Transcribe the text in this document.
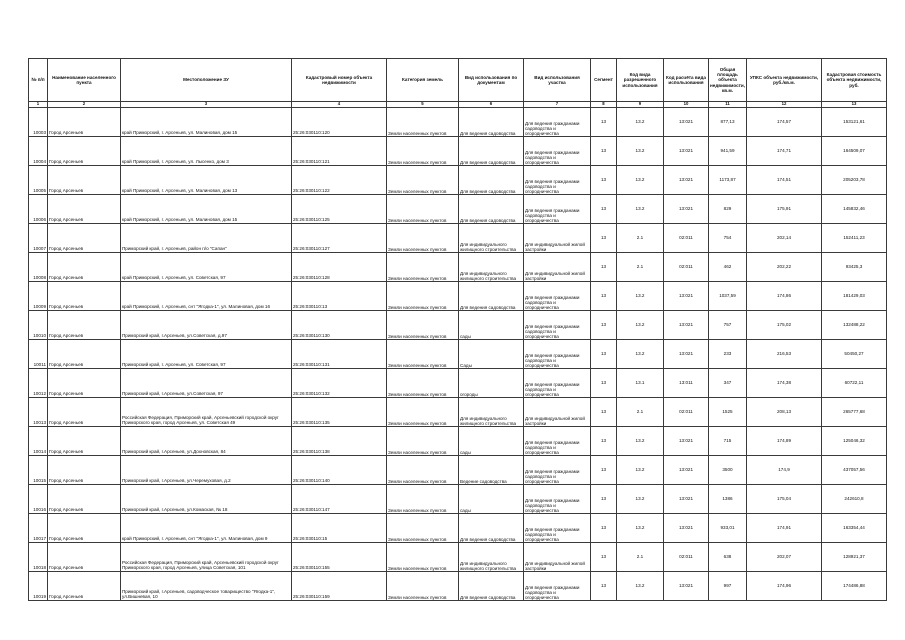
№ п/п	Наименование населенного пункта	Местоположение ЗУ	Кадастровый номер объекта недвижимости	Категория земель	Вид использования по документам	Вид использования участка	Сегмент	Код вида разрешенного использования	Код расчёта вида использования	Общая площадь объекта недвижимости, кв.м.	УПКС объекта недвижимости, руб./кв.м.	Кадастровая стоимость объекта недвижимости, руб.
1	2	3	4	5	6	7	8	9	10	11	12	13
10003	Город Арсеньев	край Приморский, г. Арсеньев, ул. Малиновая, дом 15	25:26:030110:120	Земли населенных пунктов	Для ведения садоводства	Для ведения гражданами садоводства и огородничества	13	13.2	13:021	877,13	174,57	153121,61
10004	Город Арсеньев	край Приморский, г. Арсеньев, ул. Лысенко, дом 3	25:26:030110:121	Земли населенных пунктов	Для ведения садоводства	Для ведения гражданами садоводства и огородничества	13	13.2	13:021	941,59	174,71	164509,07
10005	Город Арсеньев	край Приморский, г. Арсеньев, ул. Малиновая, дом 13	25:26:030110:122	Земли населенных пунктов	Для ведения садоводства	Для ведения гражданами садоводства и огородничества	13	13.2	13:021	1173,87	174,51	205203,78
10006	Город Арсеньев	край Приморский, г. Арсеньев, ул. Малиновая, дом 15	25:26:030110:125	Земли населенных пунктов	Для ведения садоводства	Для ведения гражданами садоводства и огородничества	13	13.2	13:021	829	175,91	145832,46
10007	Город Арсеньев	Приморский край, г. Арсеньев, район п/о "Сапан"	25:26:030110:127	Земли населенных пунктов	Для индивидуального жилищного строительства	Для индивидуальной жилой застройки	13	2.1	02:011	754	202,14	152411,23
10008	Город Арсеньев	край Приморский, г. Арсеньев, ул. Советская, 97	25:26:030110:128	Земли населенных пунктов	Для индивидуального жилищного строительства	Для индивидуальной жилой застройки	13	2.1	02:011	462	202,22	93425,3
10009	Город Арсеньев	край Приморский, г. Арсеньев, снт "Ягодка-1", ул. Малиновая, дом 16	25:26:030110:13	Земли населенных пунктов	Для ведения садоводства	Для ведения гражданами садоводства и огородничества	13	13.2	13:021	1037,59	174,86	181429,03
10010	Город Арсеньев	Приморский край, г.Арсеньев, ул.Советская, д.97	25:26:030110:130	Земли населенных пунктов	сады	Для ведения гражданами садоводства и огородничества	13	13.2	13:021	757	175,02	132488,22
10011	Город Арсеньев	Приморский край, г. Арсеньев, ул. Советская, 97	25:26:030110:131	Земли населенных пунктов	Сады	Для ведения гражданами садоводства и огородничества	13	13.2	13:021	233	216,53	50450,27
10012	Город Арсеньев	Приморский край, г.Арсеньев, ул.Советская, 97	25:26:030110:132	Земли населенных пунктов	огороды	Для ведения гражданами садоводства и огородничества	13	13.1	13:011	347	174,38	60722,11
10013	Город Арсеньев	Российская Федерация, Приморский край, Арсеньевский городской округ Приморского края, город Арсеньев, ул. Советская 49	25:26:030110:135	Земли населенных пунктов	Для индивидуального жилищного строительства	Для индивидуальной жилой застройки	13	2.1	02:011	1525	208,13	265777,68
10014	Город Арсеньев	Приморский край, г.Арсеньев, ул.Дохновская, 84	25:26:030110:138	Земли населенных пунктов	сады	Для ведения гражданами садоводства и огородничества	13	13.2	13:021	715	174,89	125046,32
10015	Город Арсеньев	Приморский край, г.Арсеньев, ул.Черемуховая, д.2	25:26:030110:140	Земли населенных пунктов	Ведение садоводства	Для ведения гражданами садоводства и огородничества	13	13.2	13:021	3500	174,9	437057,56
10016	Город Арсеньев	Приморский край, г.Арсеньев, ул.Комаская, № 18	25:26:030110:147	Земли населенных пунктов	сады	Для ведения гражданами садоводства и огородничества	13	13.2	13:021	1386	175,04	242610,8
10017	Город Арсеньев	край Приморский, г. Арсеньев, снт "Ягодка-1", ул. Малиновая, дом 9	25:26:030110:15	Земли населенных пунктов	Для ведения садоводства	Для ведения гражданами садоводства и огородничества	13	13.2	13:021	933,01	174,91	163354,44
10018	Город Арсеньев	Российская Федерация, Приморский край, Арсеньевский городской округ Приморского края, город Арсеньев, улица Советская, 101	25:26:030110:155	Земли населенных пунктов	Для индивидуального жилищного строительства	Для индивидуальной жилой застройки	13	2.1	02:011	638	202,07	128921,37
10019	Город Арсеньев	Приморский край, г.Арсеньев, садоводческое товарищество "Ягодка-1", ул.Вишневая, 10	25:26:030110:159	Земли населенных пунктов	Для ведения садоводства	Для ведения гражданами садоводства и огородничества	13	13.2	13:021	997	174,96	174486,88
